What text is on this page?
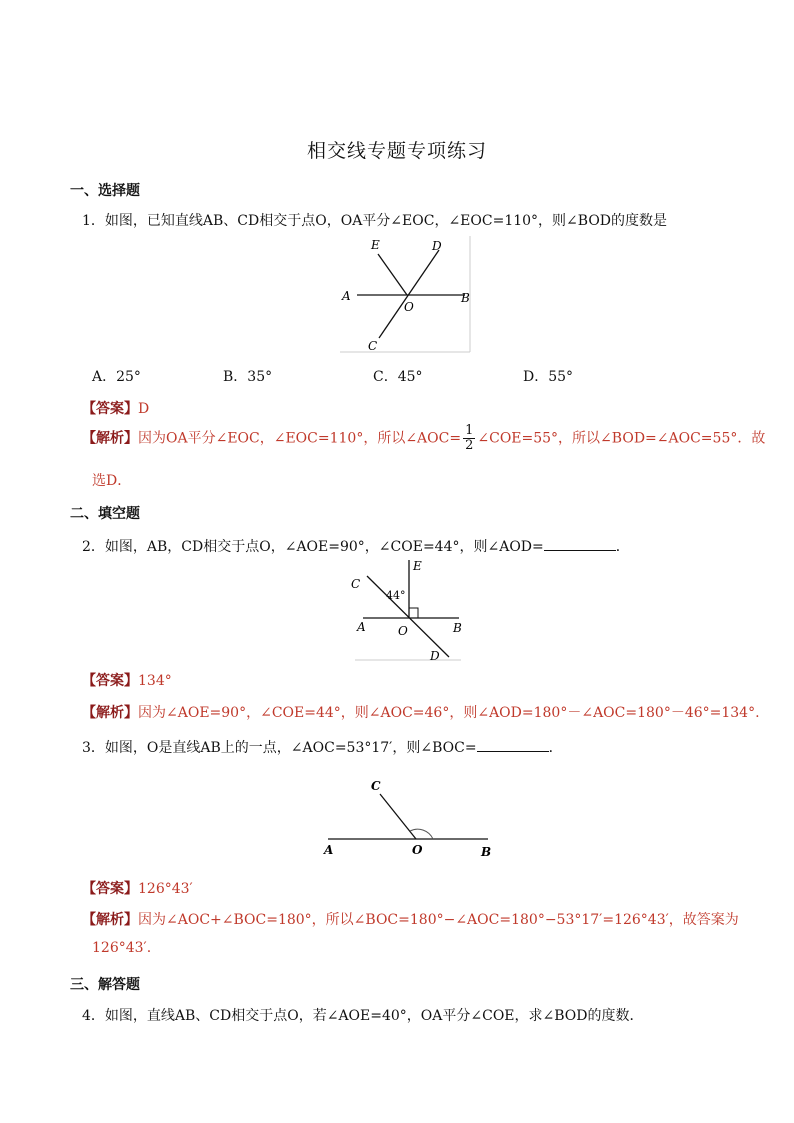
相交线专题专项练习
一、选择题
1．如图，已知直线AB、CD相交于点O，OA平分∠EOC，∠EOC=110°，则∠BOD的度数是
E	D
A
O
B
C
A．25°	B．35°	C．45°	D．55°
【答案】D
【解析】因为OA平分∠EOC，∠EOC=110°，所以∠AOC= $\frac{1}{2}$ ∠COE=55°，所以∠BOD=∠AOC=55°．故
选D．
二、填空题
2．如图，AB，CD相交于点O，∠AOE=90°，∠COE=44°，则∠AOD=	．
C
E
44°
A	O	B
D
【答案】134°
【解析】因为∠AOE=90°，∠COE=44°，则∠AOC=46°，则∠AOD=180°－∠AOC=180°－46°=134°.
3．如图，O是直线AB上的一点，∠AOC=53°17′，则∠BOC=	．
C
A	O	B
【答案】126°43′
【解析】因为∠AOC+∠BOC=180°，所以∠BOC=180°−∠AOC=180°−53°17′=126°43′，故答案为
126°43′.
三、解答题
4．如图，直线AB、CD相交于点O，若∠AOE=40°，OA平分∠COE，求∠BOD的度数．
